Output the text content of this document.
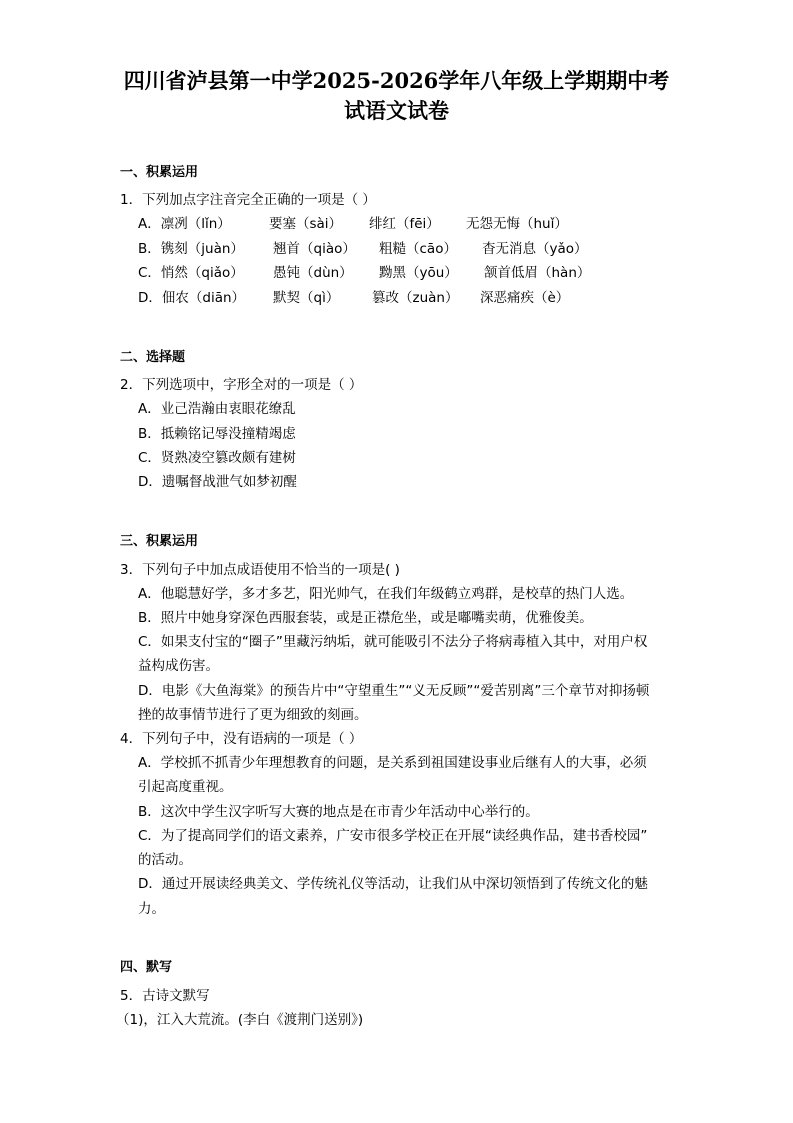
四川省泸县第一中学2025-2026学年八年级上学期期中考
试语文试卷
一、积累运用
1．下列加点字注音完全正确的一项是（ ）
A．凛冽（lǐn）	要塞（sài） 绯红（fēi） 无怨无悔（huǐ）
B．镌刻（juàn） 翘首（qiào） 粗糙（cāo） 杳无消息（yǎo）
C．悄然（qiǎo） 愚钝（dùn） 黝黑（yōu） 颔首低眉（hàn）
D．佃农（diān） 默契（qì） 篡改（zuàn） 深恶痛疾（è）
二、选择题
2．下列选项中，字形全对的一项是（ ）
A．业己浩瀚由衷眼花缭乱
B．抵赖铭记辱没撞精竭虑
C．贤熟凌空篡改颇有建树
D．遗嘱督战泄气如梦初醒
三、积累运用
3．下列句子中加点成语使用不恰当的一项是( )
A．他聪慧好学，多才多艺，阳光帅气，在我们年级鹤立鸡群，是校草的热门人选。
B．照片中她身穿深色西服套装，或是正襟危坐，或是嘟嘴卖萌，优雅俊美。
C．如果支付宝的“圈子”里藏污纳垢，就可能吸引不法分子将病毒植入其中，对用户权
益构成伤害。
D．电影《大鱼海棠》的预告片中“守望重生”“义无反顾”“爱苦别离”三个章节对抑扬顿
挫的故事情节进行了更为细致的刻画。
4．下列句子中，没有语病的一项是（ ）
A．学校抓不抓青少年理想教育的问题，是关系到祖国建设事业后继有人的大事，必须
引起高度重视。
B．这次中学生汉字听写大赛的地点是在市青少年活动中心举行的。
C．为了提高同学们的语文素养，广安市很多学校正在开展“读经典作品，建书香校园”
的活动。
D．通过开展读经典美文、学传统礼仪等活动，让我们从中深切领悟到了传统文化的魅
力。
四、默写
5．古诗文默写
（1)，江入大荒流。(李白《渡荆门送别》)
